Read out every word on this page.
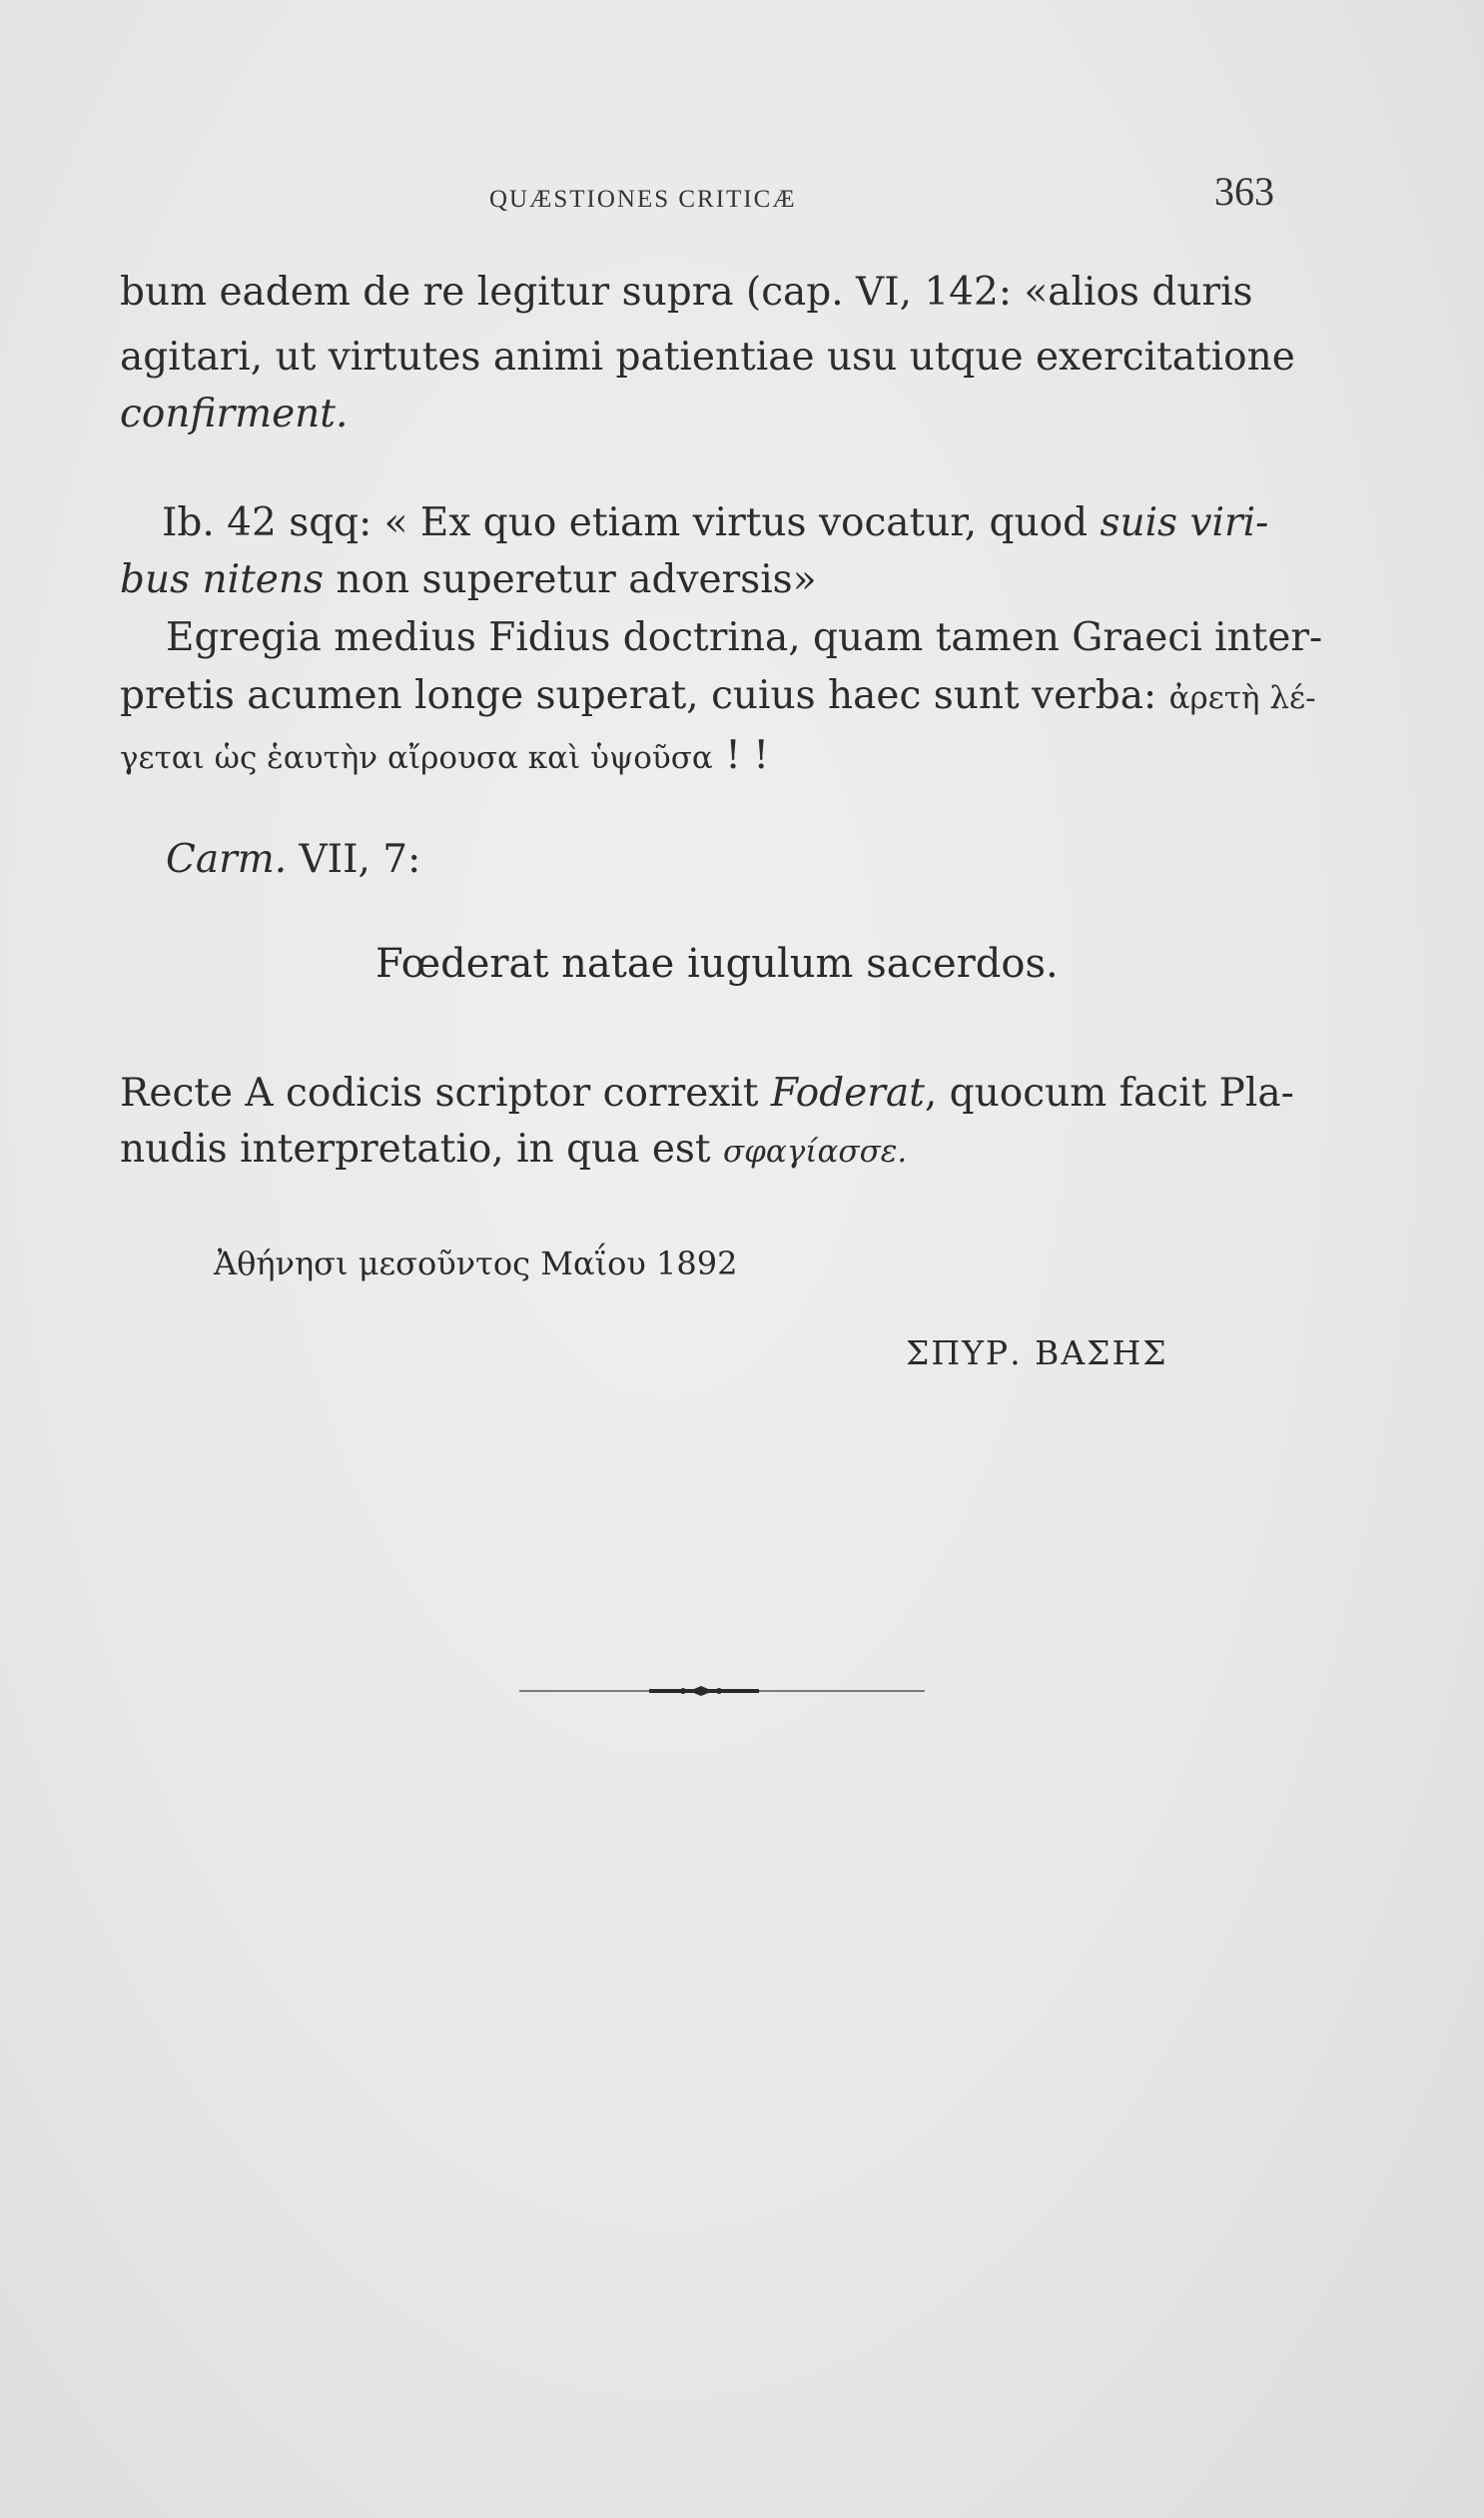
QUÆSTIONES CRITICÆ	363
bum eadem de re legitur supra (cap. VI, 142: «alios duris
agitari, ut virtutes animi patientiae usu utque exercitatione
confirment.
Ib. 42 sqq: « Ex quo etiam virtus vocatur, quod suis viri-
bus nitens non superetur adversis»
Egregia medius Fidius doctrina, quam tamen Graeci inter-
pretis acumen longe superat, cuius haec sunt verba: ἀρετὴ λέ-
γεται ὡς ἑαυτὴν αἴρουσα καὶ ὑψοῦσα ! !
Carm. VII, 7:
Fœderat natae iugulum sacerdos.
Recte A codicis scriptor correxit Foderat, quocum facit Pla-
nudis interpretatio, in qua est σφαγίασσε.
Ἀθήνησι μεσοῦντος Μαΐου 1892
ΣΠΥΡ. ΒΑΣΗΣ
